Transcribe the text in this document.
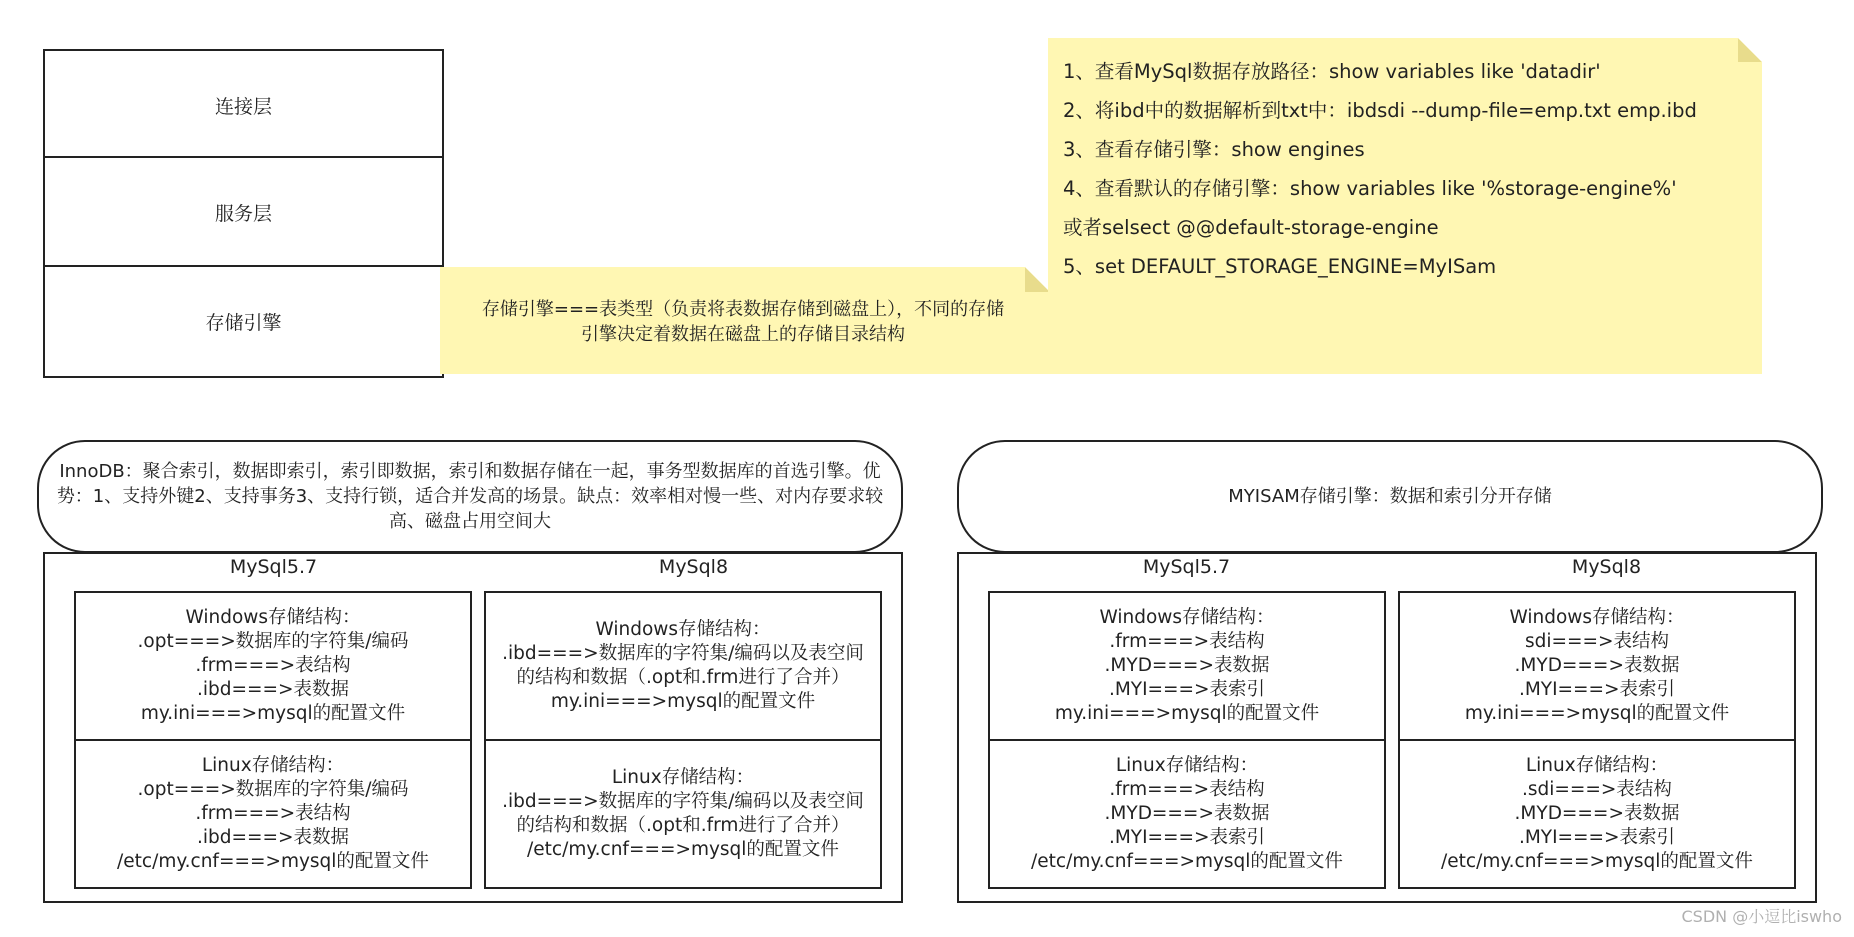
连接层
服务层
存储引擎
存储引擎===表类型（负责将表数据存储到磁盘上），不同的存储
引擎决定着数据在磁盘上的存储目录结构
1、查看MySql数据存放路径：show variables like 'datadir'
2、将ibd中的数据解析到txt中：ibdsdi --dump-file=emp.txt emp.ibd
3、查看存储引擎：show engines
4、查看默认的存储引擎：show variables like '%storage-engine%'
或者selsect @@default-storage-engine
5、set DEFAULT_STORAGE_ENGINE=MyISam
InnoDB：聚合索引，数据即索引，索引即数据，索引和数据存储在一起，事务型数据库的首选引擎。优势：1、支持外键2、支持事务3、支持行锁，适合并发高的场景。缺点：效率相对慢一些、对内存要求较高、磁盘占用空间大
MySql5.7	MySql8
Windows存储结构：
.opt===>数据库的字符集/编码
.frm===>表结构
.ibd===>表数据
my.ini===>mysql的配置文件
Linux存储结构：
.opt===>数据库的字符集/编码
.frm===>表结构
.ibd===>表数据
/etc/my.cnf===>mysql的配置文件
Windows存储结构：
.ibd===>数据库的字符集/编码以及表空间的结构和数据（.opt和.frm进行了合并）
my.ini===>mysql的配置文件
Linux存储结构：
.ibd===>数据库的字符集/编码以及表空间的结构和数据（.opt和.frm进行了合并）
/etc/my.cnf===>mysql的配置文件
MYISAM存储引擎：数据和索引分开存储
MySql5.7	MySql8
Windows存储结构：
.frm===>表结构
.MYD===>表数据
.MYI===>表索引
my.ini===>mysql的配置文件
Linux存储结构：
.frm===>表结构
.MYD===>表数据
.MYI===>表索引
/etc/my.cnf===>mysql的配置文件
Windows存储结构：
sdi===>表结构
.MYD===>表数据
.MYI===>表索引
my.ini===>mysql的配置文件
Linux存储结构：
.sdi===>表结构
.MYD===>表数据
.MYI===>表索引
/etc/my.cnf===>mysql的配置文件
CSDN @小逗比iswho
